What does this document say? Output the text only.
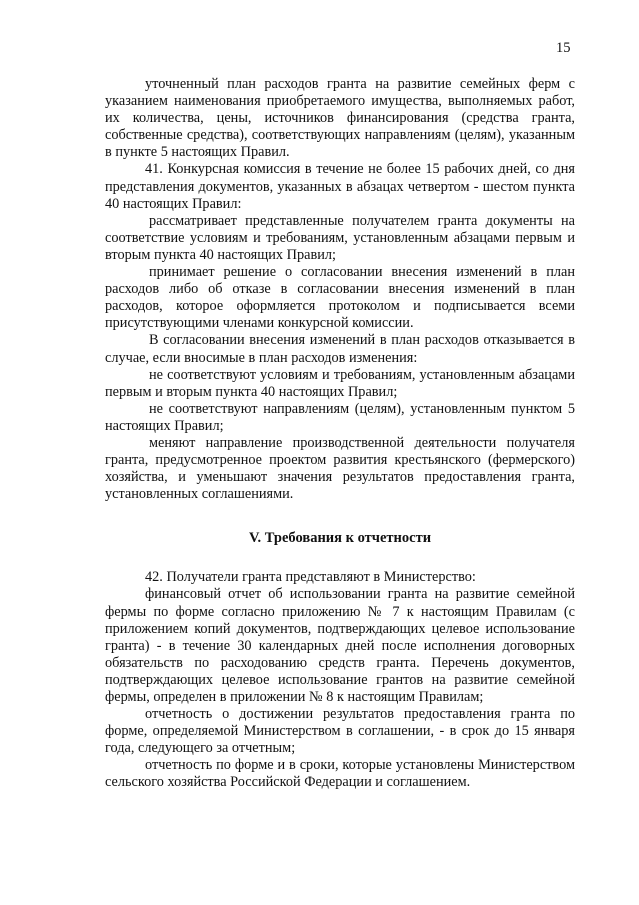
15

уточненный план расходов гранта на развитие семейных ферм с указанием наименования приобретаемого имущества, выполняемых работ, их количества, цены, источников финансирования (средства гранта, собственные средства), соответствующих направлениям (целям), указанным в пункте 5 настоящих Правил.

41. Конкурсная комиссия в течение не более 15 рабочих дней, со дня представления документов, указанных в абзацах четвертом - шестом пункта 40 настоящих Правил:

рассматривает представленные получателем гранта документы на соответствие условиям и требованиям, установленным абзацами первым и вторым пункта 40 настоящих Правил;

принимает решение о согласовании внесения изменений в план расходов либо об отказе в согласовании внесения изменений в план расходов, которое оформляется протоколом и подписывается всеми присутствующими членами конкурсной комиссии.

В согласовании внесения изменений в план расходов отказывается в случае, если вносимые в план расходов изменения:

не соответствуют условиям и требованиям, установленным абзацами первым и вторым пункта 40 настоящих Правил;

не соответствуют направлениям (целям), установленным пунктом 5 настоящих Правил;

меняют направление производственной деятельности получателя гранта, предусмотренное проектом развития крестьянского (фермерского) хозяйства, и уменьшают значения результатов предоставления гранта, установленных соглашениями.

V. Требования к отчетности

42. Получатели гранта представляют в Министерство:

финансовый отчет об использовании гранта на развитие семейной фермы по форме согласно приложению № 7 к настоящим Правилам (с приложением копий документов, подтверждающих целевое использование гранта) - в течение 30 календарных дней после исполнения договорных обязательств по расходованию средств гранта. Перечень документов, подтверждающих целевое использование грантов на развитие семейной фермы, определен в приложении № 8 к настоящим Правилам;

отчетность о достижении результатов предоставления гранта по форме, определяемой Министерством в соглашении, - в срок до 15 января года, следующего за отчетным;

отчетность по форме и в сроки, которые установлены Министерством сельского хозяйства Российской Федерации и соглашением.
